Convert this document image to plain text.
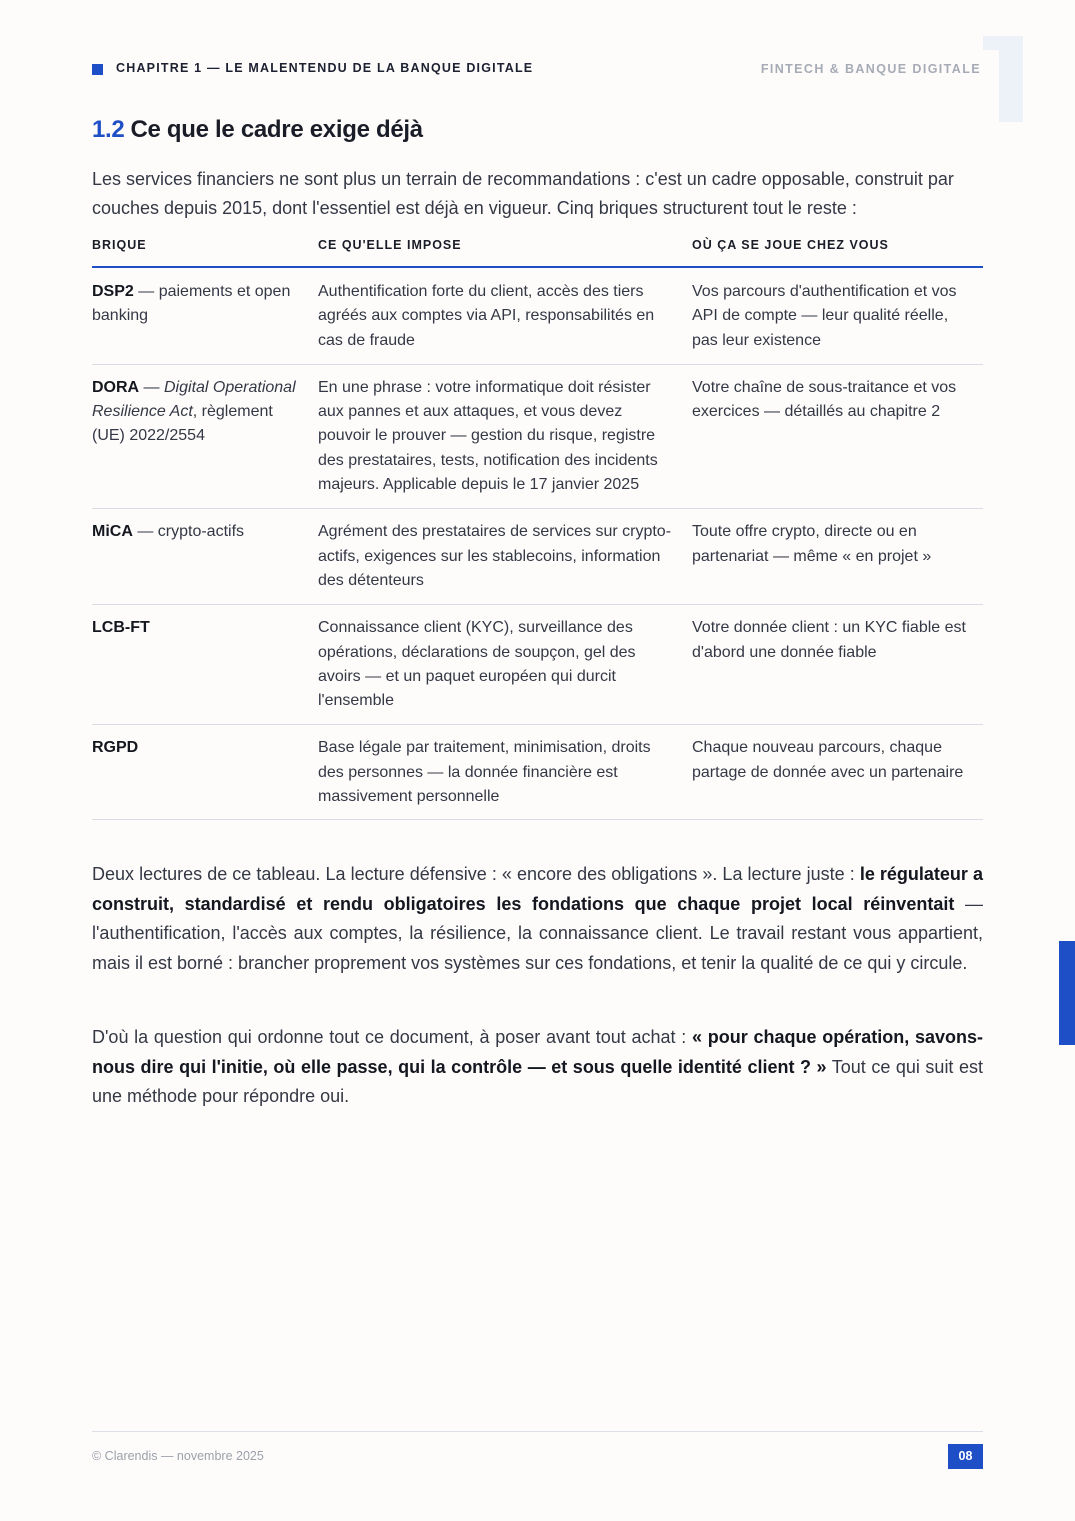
CHAPITRE 1 — LE MALENTENDU DE LA BANQUE DIGITALE	FINTECH & BANQUE DIGITALE
1.2 Ce que le cadre exige déjà
Les services financiers ne sont plus un terrain de recommandations : c'est un cadre opposable, construit par couches depuis 2015, dont l'essentiel est déjà en vigueur. Cinq briques structurent tout le reste :
BRIQUE	CE QU'ELLE IMPOSE	OÙ ÇA SE JOUE CHEZ VOUS
DSP2 — paiements et open banking	Authentification forte du client, accès des tiers agréés aux comptes via API, responsabilités en cas de fraude	Vos parcours d'authentification et vos API de compte — leur qualité réelle, pas leur existence
DORA — Digital Operational Resilience Act, règlement (UE) 2022/2554	En une phrase : votre informatique doit résister aux pannes et aux attaques, et vous devez pouvoir le prouver — gestion du risque, registre des prestataires, tests, notification des incidents majeurs. Applicable depuis le 17 janvier 2025	Votre chaîne de sous-traitance et vos exercices — détaillés au chapitre 2
MiCA — crypto-actifs	Agrément des prestataires de services sur crypto-actifs, exigences sur les stablecoins, information des détenteurs	Toute offre crypto, directe ou en partenariat — même « en projet »
LCB-FT	Connaissance client (KYC), surveillance des opérations, déclarations de soupçon, gel des avoirs — et un paquet européen qui durcit l'ensemble	Votre donnée client : un KYC fiable est d'abord une donnée fiable
RGPD	Base légale par traitement, minimisation, droits des personnes — la donnée financière est massivement personnelle	Chaque nouveau parcours, chaque partage de donnée avec un partenaire

Deux lectures de ce tableau. La lecture défensive : « encore des obligations ». La lecture juste : le régulateur a construit, standardisé et rendu obligatoires les fondations que chaque projet local réinventait — l'authentification, l'accès aux comptes, la résilience, la connaissance client. Le travail restant vous appartient, mais il est borné : brancher proprement vos systèmes sur ces fondations, et tenir la qualité de ce qui y circule.

D'où la question qui ordonne tout ce document, à poser avant tout achat : « pour chaque opération, savons-nous dire qui l'initie, où elle passe, qui la contrôle — et sous quelle identité client ? » Tout ce qui suit est une méthode pour répondre oui.

© Clarendis — novembre 2025	08
